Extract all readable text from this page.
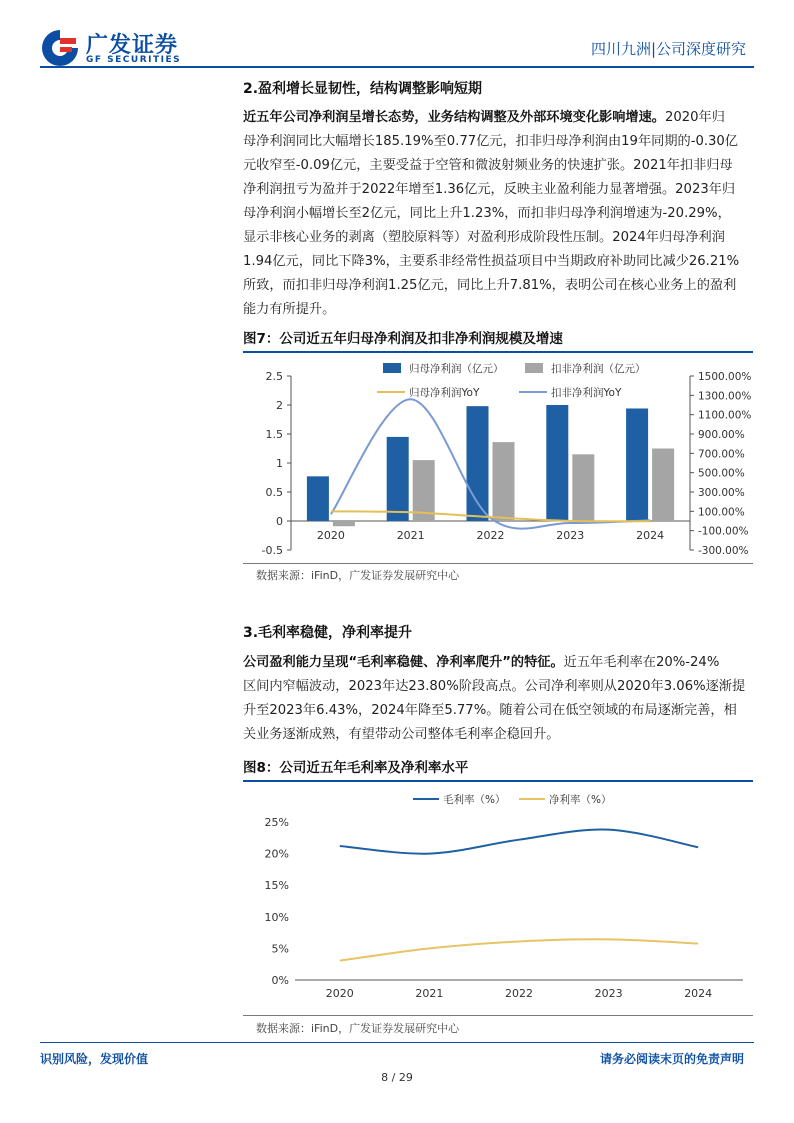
广发证券
GF SECURITIES
四川九洲|公司深度研究
2.盈利增长显韧性，结构调整影响短期
近五年公司净利润呈增长态势，业务结构调整及外部环境变化影响增速。2020年归
母净利润同比大幅增长185.19%至0.77亿元，扣非归母净利润由19年同期的-0.30亿
元收窄至-0.09亿元，主要受益于空管和微波射频业务的快速扩张。2021年扣非归母
净利润扭亏为盈并于2022年增至1.36亿元，反映主业盈利能力显著增强。2023年归
母净利润小幅增长至2亿元，同比上升1.23%，而扣非归母净利润增速为-20.29%，
显示非核心业务的剥离（塑胶原料等）对盈利形成阶段性压制。2024年归母净利润
1.94亿元，同比下降3%，主要系非经常性损益项目中当期政府补助同比减少26.21%
所致，而扣非归母净利润1.25亿元，同比上升7.81%，表明公司在核心业务上的盈利
能力有所提升。
图7：公司近五年归母净利润及扣非净利润规模及增速
-0.5
0
0.5
1
1.5
2
2.5
-300.00%
-100.00%
100.00%
300.00%
500.00%
700.00%
900.00%
1100.00%
1300.00%
1500.00%
2020	2021	2022	2023	2024
归母净利润（亿元）	扣非净利润（亿元）
归母净利润YoY	扣非净利润YoY
数据来源：iFinD，广发证券发展研究中心
3.毛利率稳健，净利率提升
公司盈利能力呈现“毛利率稳健、净利率爬升”的特征。近五年毛利率在20%-24%
区间内窄幅波动，2023年达23.80%阶段高点。公司净利率则从2020年3.06%逐渐提
升至2023年6.43%，2024年降至5.77%。随着公司在低空领域的布局逐渐完善，相
关业务逐渐成熟，有望带动公司整体毛利率企稳回升。
图8：公司近五年毛利率及净利率水平
0%
5%
10%
15%
20%
25%
2020	2021	2022	2023	2024
毛利率（%）	净利率（%）
数据来源：iFinD，广发证券发展研究中心
识别风险，发现价值	请务必阅读末页的免责声明
8 / 29
